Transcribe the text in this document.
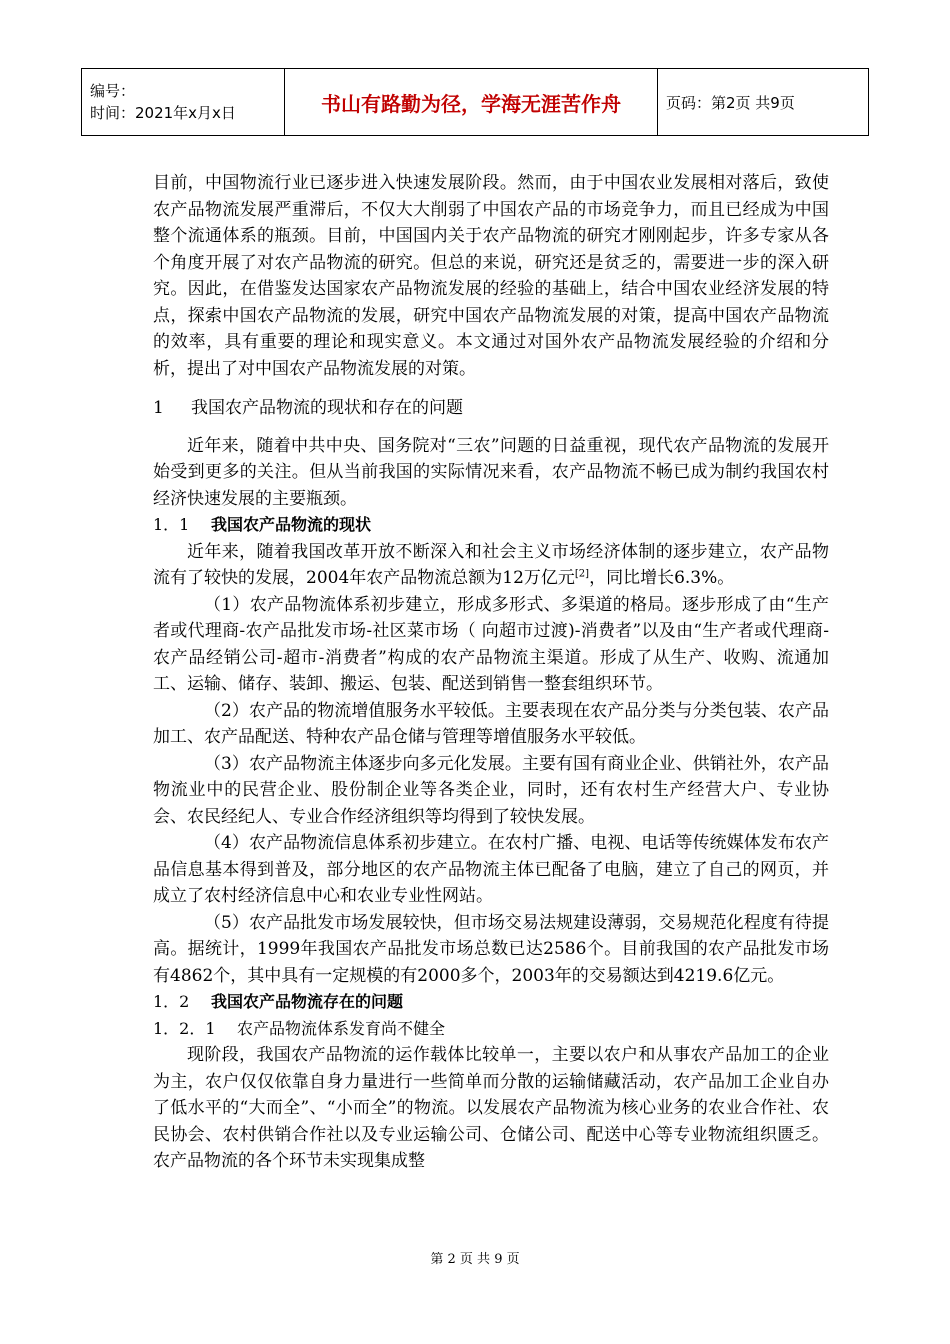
编号：
时间：2021年x月x日	书山有路勤为径，学海无涯苦作舟	页码：第2页 共9页

目前，中国物流行业已逐步进入快速发展阶段。然而，由于中国农业发展相对落后，致使农产品物流发展严重滞后，不仅大大削弱了中国农产品的市场竞争力，而且已经成为中国整个流通体系的瓶颈。目前，中国国内关于农产品物流的研究才刚刚起步，许多专家从各个角度开展了对农产品物流的研究。但总的来说，研究还是贫乏的，需要进一步的深入研究。因此，在借鉴发达国家农产品物流发展的经验的基础上，结合中国农业经济发展的特点，探索中国农产品物流的发展，研究中国农产品物流发展的对策，提高中国农产品物流的效率，具有重要的理论和现实意义。本文通过对国外农产品物流发展经验的介绍和分析，提出了对中国农产品物流发展的对策。

1 我国农产品物流的现状和存在的问题

近年来，随着中共中央、国务院对“三农”问题的日益重视，现代农产品物流的发展开始受到更多的关注。但从当前我国的实际情况来看，农产品物流不畅已成为制约我国农村经济快速发展的主要瓶颈。

1．1 我国农产品物流的现状

近年来，随着我国改革开放不断深入和社会主义市场经济体制的逐步建立，农产品物流有了较快的发展，2004年农产品物流总额为12万亿元[2]，同比增长6.3%。

（1）农产品物流体系初步建立，形成多形式、多渠道的格局。逐步形成了由“生产者或代理商-农产品批发市场-社区菜市场（ 向超市过渡)-消费者”以及由“生产者或代理商-农产品经销公司-超市-消费者”构成的农产品物流主渠道。形成了从生产、收购、流通加工、运输、储存、装卸、搬运、包装、配送到销售一整套组织环节。

（2）农产品的物流增值服务水平较低。主要表现在农产品分类与分类包装、农产品加工、农产品配送、特种农产品仓储与管理等增值服务水平较低。

（3）农产品物流主体逐步向多元化发展。主要有国有商业企业、供销社外，农产品物流业中的民营企业、股份制企业等各类企业，同时，还有农村生产经营大户、专业协会、农民经纪人、专业合作经济组织等均得到了较快发展。

（4）农产品物流信息体系初步建立。在农村广播、电视、电话等传统媒体发布农产品信息基本得到普及，部分地区的农产品物流主体已配备了电脑，建立了自己的网页，并成立了农村经济信息中心和农业专业性网站。

（5）农产品批发市场发展较快，但市场交易法规建设薄弱，交易规范化程度有待提高。据统计，1999年我国农产品批发市场总数已达2586个。目前我国的农产品批发市场有4862个，其中具有一定规模的有2000多个，2003年的交易额达到4219.6亿元。

1．2 我国农产品物流存在的问题

1．2．1 农产品物流体系发育尚不健全

现阶段，我国农产品物流的运作载体比较单一，主要以农户和从事农产品加工的企业为主，农户仅仅依靠自身力量进行一些简单而分散的运输储藏活动，农产品加工企业自办了低水平的“大而全”、“小而全”的物流。以发展农产品物流为核心业务的农业合作社、农民协会、农村供销合作社以及专业运输公司、仓储公司、配送中心等专业物流组织匮乏。农产品物流的各个环节未实现集成整

第 2 页 共 9 页
